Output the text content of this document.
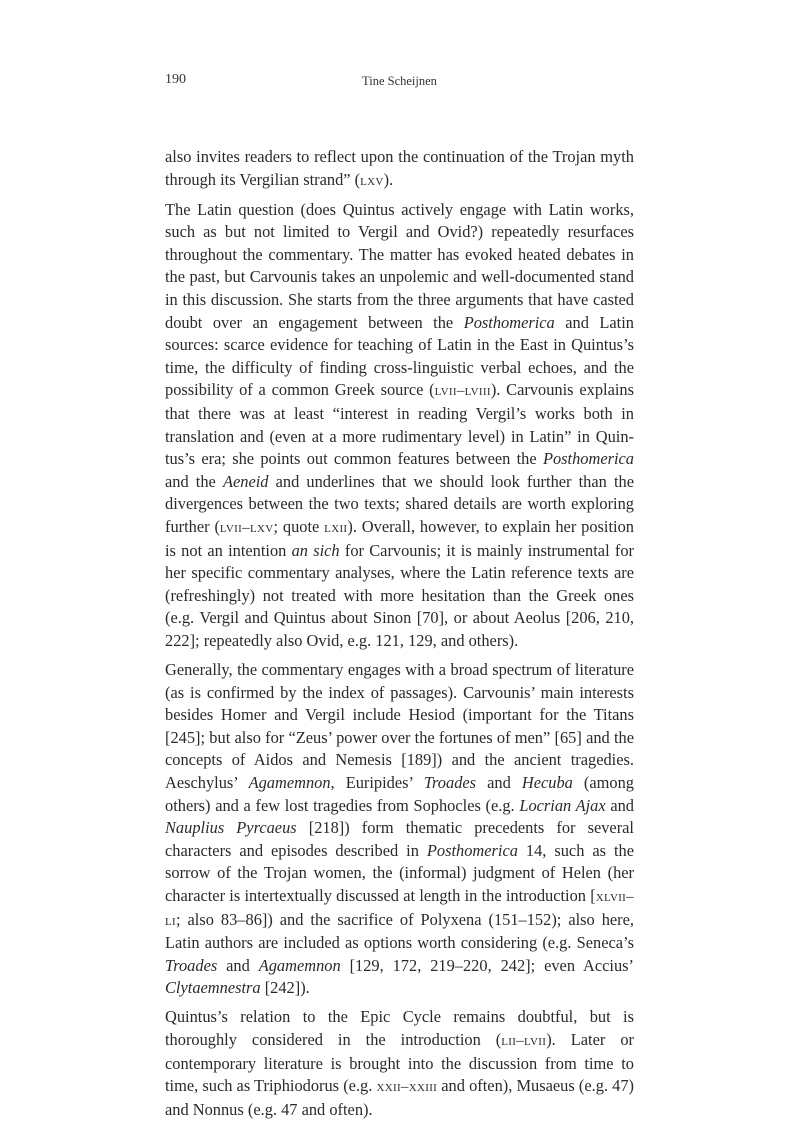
190	Tine Scheijnen

also invites readers to reflect upon the continuation of the Trojan myth through its Vergilian strand” (lxv).

The Latin question (does Quintus actively engage with Latin works, such as but not limited to Vergil and Ovid?) repeatedly resurfaces throughout the commentary. The matter has evoked heated debates in the past, but Carvounis takes an unpolemic and well-documented stand in this discussion. She starts from the three arguments that have casted doubt over an engagement between the Posthomerica and Latin sources: scarce evidence for teaching of Latin in the East in Quintus’s time, the difficulty of finding cross-linguistic verbal echoes, and the possibility of a common Greek source (lvii–lviii). Carvounis explains that there was at least “interest in reading Vergil’s works both in translation and (even at a more rudimentary level) in Latin” in Quintus’s era; she points out common features between the Posthomerica and the Aeneid and underlines that we should look further than the divergences between the two texts; shared details are worth exploring further (lvii–lxv; quote lxii). Overall, however, to explain her position is not an intention an sich for Carvounis; it is mainly instrumental for her specific commentary analyses, where the Latin reference texts are (refreshingly) not treated with more hesitation than the Greek ones (e.g. Vergil and Quintus about Sinon [70], or about Aeolus [206, 210, 222]; repeatedly also Ovid, e.g. 121, 129, and others).

Generally, the commentary engages with a broad spectrum of literature (as is confirmed by the index of passages). Carvounis’ main interests besides Homer and Vergil include Hesiod (important for the Titans [245]; but also for “Zeus’ power over the fortunes of men” [65] and the concepts of Aidos and Nemesis [189]) and the ancient tragedies. Aeschylus’ Agamemnon, Euripides’ Troades and Hecuba (among others) and a few lost tragedies from Sophocles (e.g. Locrian Ajax and Nauplius Pyrcaeus [218]) form thematic precedents for several characters and episodes described in Posthomerica 14, such as the sorrow of the Trojan women, the (informal) judgment of Helen (her character is intertextually discussed at length in the introduction [xlvii–li; also 83–86]) and the sacrifice of Polyxena (151–152); also here, Latin authors are included as options worth considering (e.g. Seneca’s Troades and Agamemnon [129, 172, 219–220, 242]; even Accius’ Clytaemnestra [242]).

Quintus’s relation to the Epic Cycle remains doubtful, but is thoroughly considered in the introduction (lii–lvii). Later or contemporary literature is brought into the discussion from time to time, such as Triphiodorus (e.g. xxii–xxiii and often), Musaeus (e.g. 47) and Nonnus (e.g. 47 and often).
